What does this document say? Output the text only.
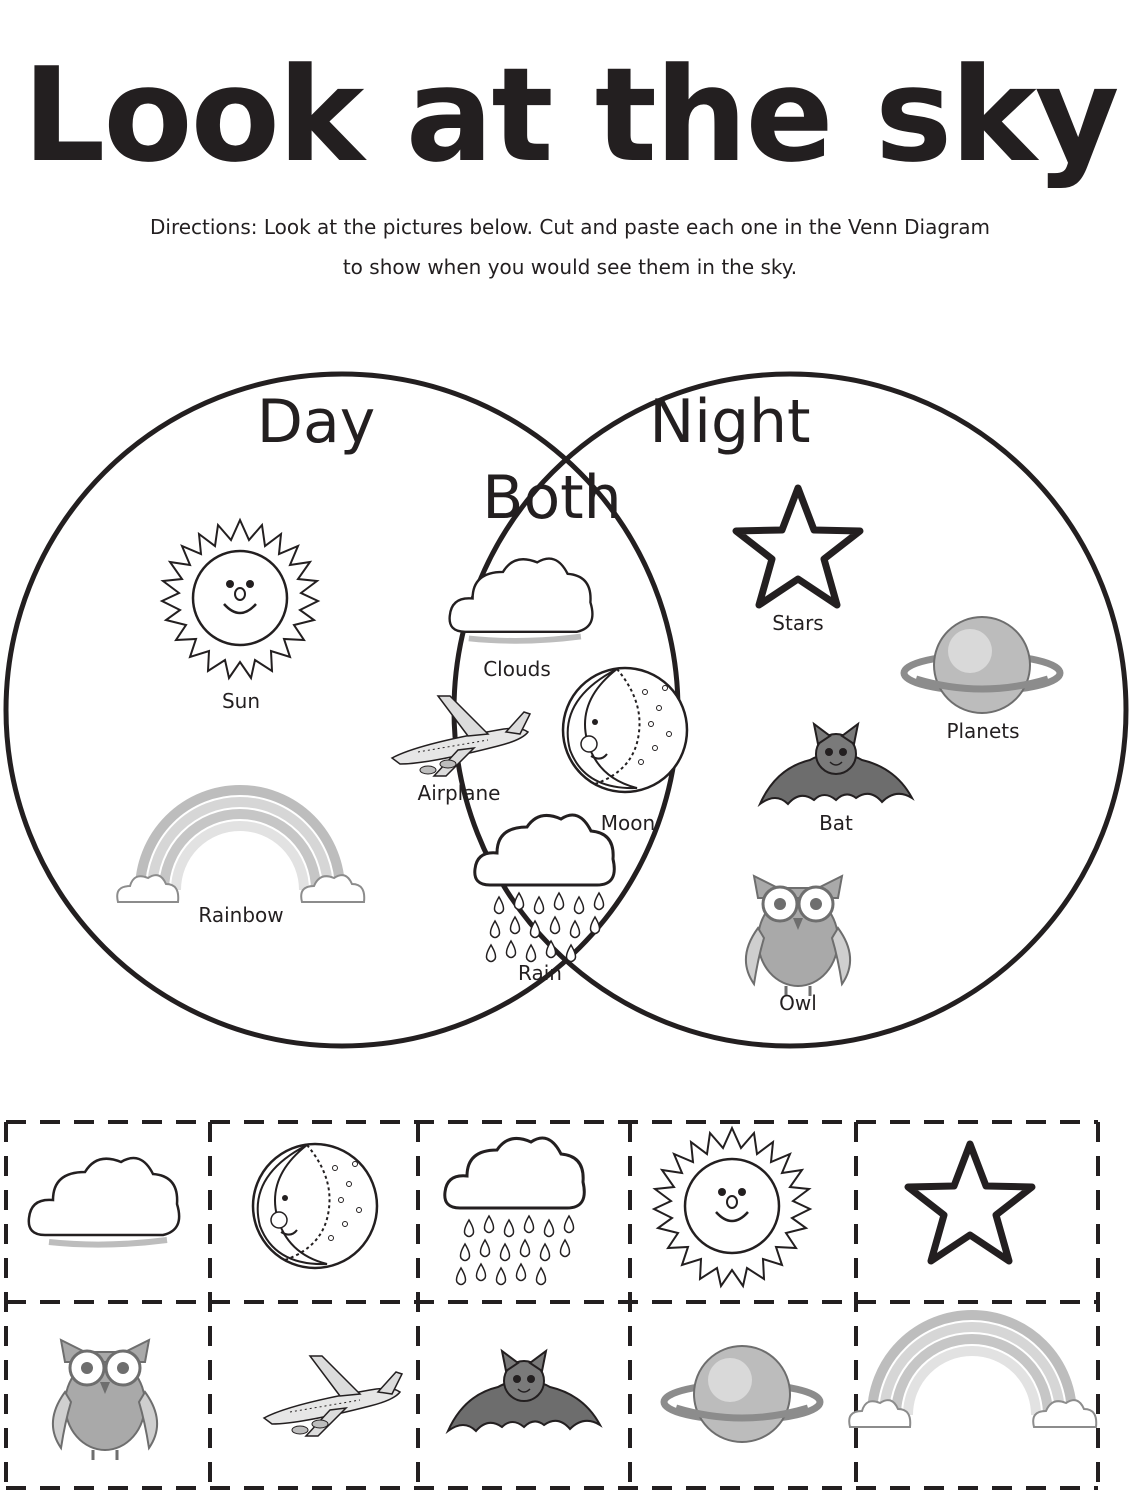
Look at the sky

Directions: Look at the pictures below. Cut and paste each one in the Venn Diagram

to show when you would see them in the sky.

Day	Night
Both
Sun
Rainbow
Clouds
Airplane
Moon
Rain
Stars
Planets
Bat
Owl
